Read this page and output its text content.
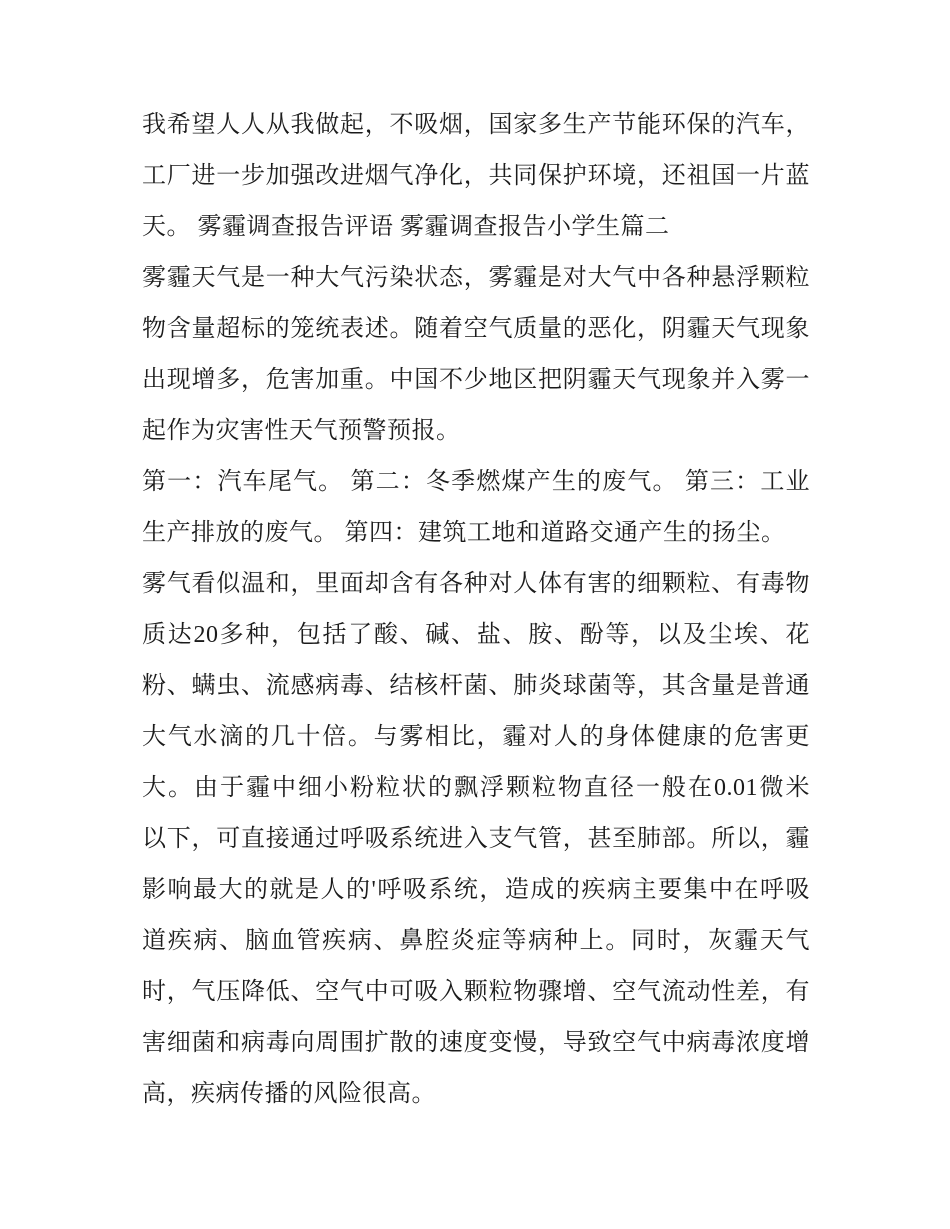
我希望人人从我做起，不吸烟，国家多生产节能环保的汽车，
工厂进一步加强改进烟气净化，共同保护环境，还祖国一片蓝
天。 雾霾调查报告评语 雾霾调查报告小学生篇二
雾霾天气是一种大气污染状态，雾霾是对大气中各种悬浮颗粒
物含量超标的笼统表述。随着空气质量的恶化，阴霾天气现象
出现增多，危害加重。中国不少地区把阴霾天气现象并入雾一
起作为灾害性天气预警预报。
第一：汽车尾气。 第二：冬季燃煤产生的废气。 第三：工业
生产排放的废气。 第四：建筑工地和道路交通产生的扬尘。
雾气看似温和，里面却含有各种对人体有害的细颗粒、有毒物
质达20多种，包括了酸、碱、盐、胺、酚等，以及尘埃、花
粉、螨虫、流感病毒、结核杆菌、肺炎球菌等，其含量是普通
大气水滴的几十倍。与雾相比，霾对人的身体健康的危害更
大。由于霾中细小粉粒状的飘浮颗粒物直径一般在0.01微米
以下，可直接通过呼吸系统进入支气管，甚至肺部。所以，霾
影响最大的就是人的'呼吸系统，造成的疾病主要集中在呼吸
道疾病、脑血管疾病、鼻腔炎症等病种上。同时，灰霾天气
时，气压降低、空气中可吸入颗粒物骤增、空气流动性差，有
害细菌和病毒向周围扩散的速度变慢，导致空气中病毒浓度增
高，疾病传播的风险很高。
